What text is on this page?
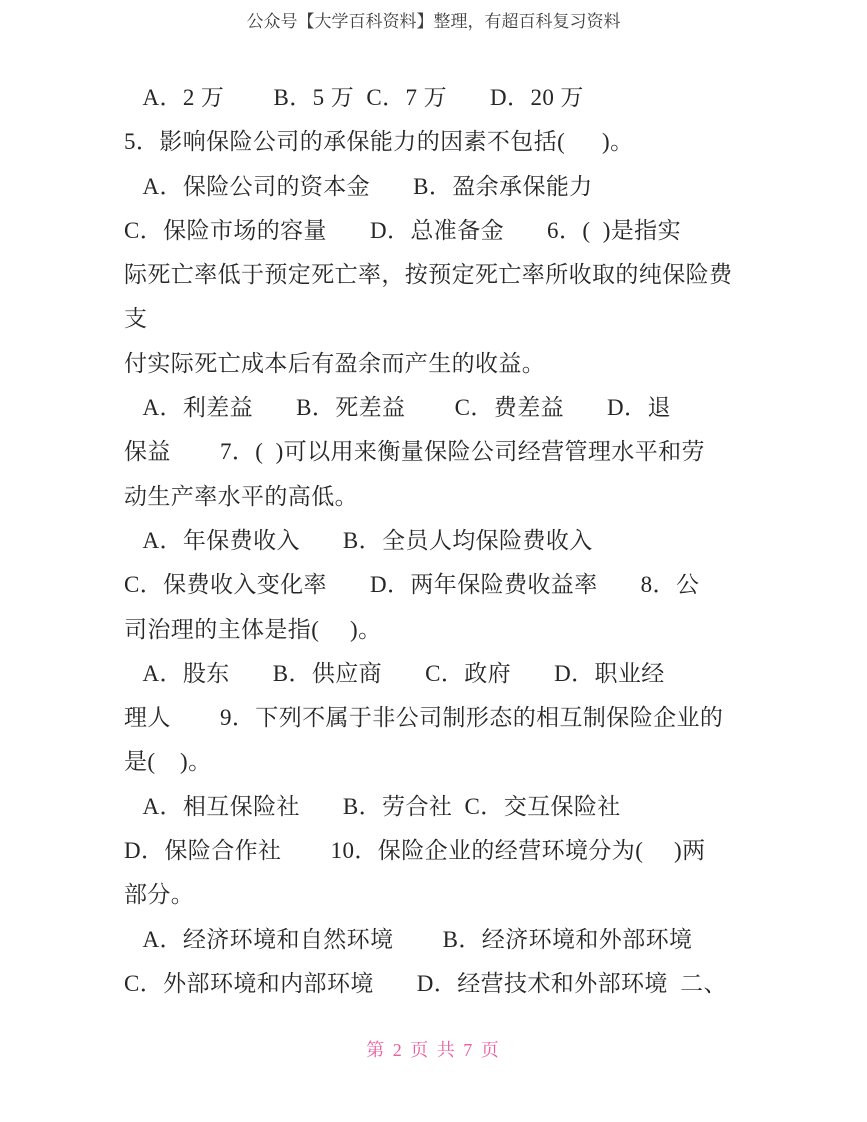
公众号【大学百科资料】整理，有超百科复习资料
A．2 万        B．5 万  C．7 万       D．20 万
5．影响保险公司的承保能力的因素不包括(      )。
A．保险公司的资本金       B．盈余承保能力
C．保险市场的容量       D．总准备金       6．(  )是指实
际死亡率低于预定死亡率，按预定死亡率所收取的纯保险费支
付实际死亡成本后有盈余而产生的收益。
A．利差益       B．死差益        C．费差益       D．退
保益        7．(  )可以用来衡量保险公司经营管理水平和劳
动生产率水平的高低。
A．年保费收入       B．全员人均保险费收入
C．保费收入变化率       D．两年保险费收益率       8．公
司治理的主体是指(     )。
A．股东       B．供应商       C．政府       D．职业经
理人        9．下列不属于非公司制形态的相互制保险企业的
是(    )。
A．相互保险社       B．劳合社  C．交互保险社
D．保险合作社        10．保险企业的经营环境分为(     )两
部分。
A．经济环境和自然环境        B．经济环境和外部环境
C．外部环境和内部环境       D．经营技术和外部环境  二、
第 2 页 共 7 页
